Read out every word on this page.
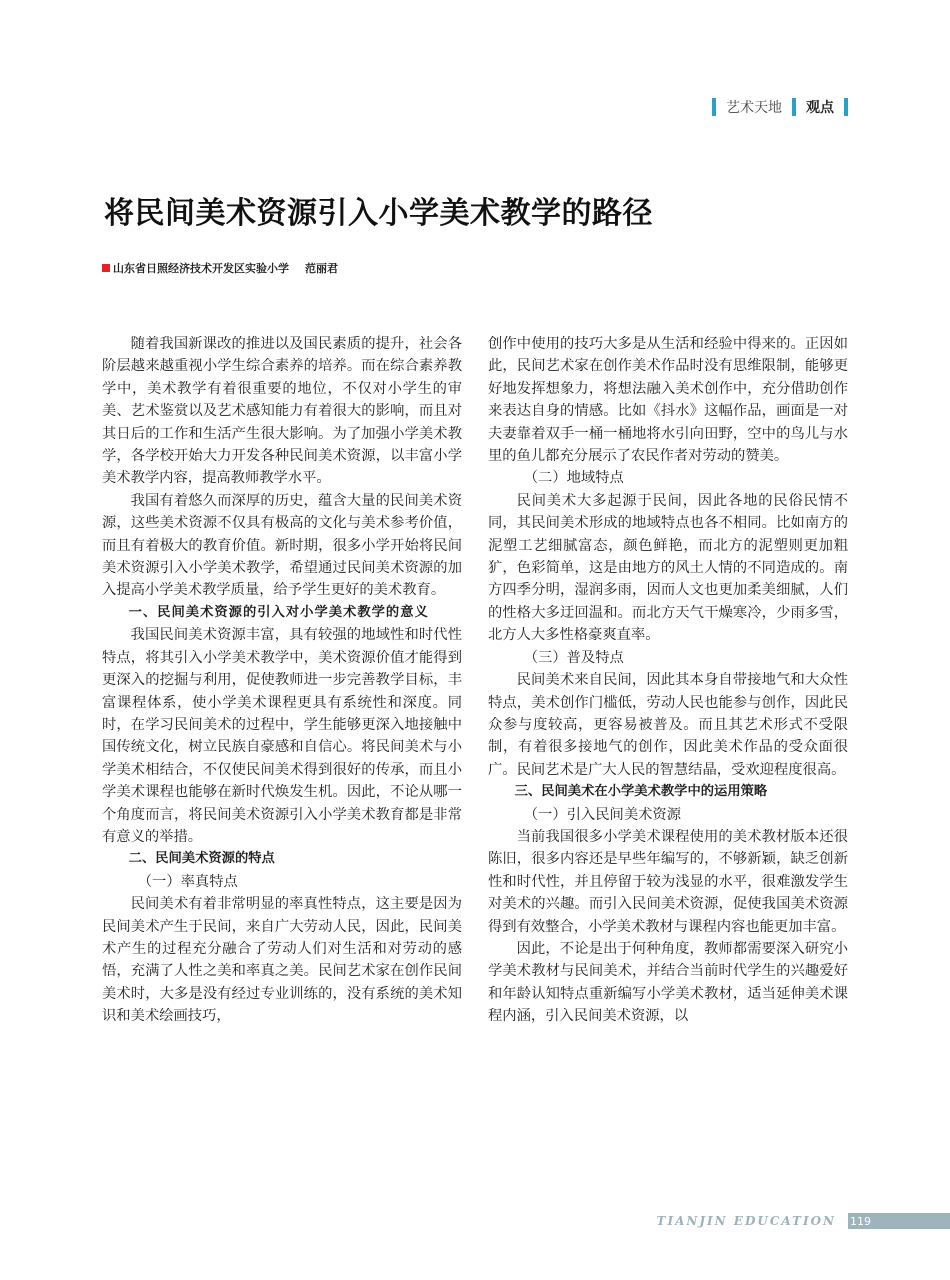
艺术天地 观点
将民间美术资源引入小学美术教学的路径
山东省日照经济技术开发区实验小学 范丽君

随着我国新课改的推进以及国民素质的提升，社会各阶层越来越重视小学生综合素养的培养。而在综合素养教学中，美术教学有着很重要的地位，不仅对小学生的审美、艺术鉴赏以及艺术感知能力有着很大的影响，而且对其日后的工作和生活产生很大影响。为了加强小学美术教学，各学校开始大力开发各种民间美术资源，以丰富小学美术教学内容，提高教师教学水平。

我国有着悠久而深厚的历史，蕴含大量的民间美术资源，这些美术资源不仅具有极高的文化与美术参考价值，而且有着极大的教育价值。新时期，很多小学开始将民间美术资源引入小学美术教学，希望通过民间美术资源的加入提高小学美术教学质量，给予学生更好的美术教育。

一、民间美术资源的引入对小学美术教学的意义

我国民间美术资源丰富，具有较强的地域性和时代性特点，将其引入小学美术教学中，美术资源价值才能得到更深入的挖掘与利用，促使教师进一步完善教学目标，丰富课程体系，使小学美术课程更具有系统性和深度。同时，在学习民间美术的过程中，学生能够更深入地接触中国传统文化，树立民族自豪感和自信心。将民间美术与小学美术相结合，不仅使民间美术得到很好的传承，而且小学美术课程也能够在新时代焕发生机。因此，不论从哪一个角度而言，将民间美术资源引入小学美术教育都是非常有意义的举措。

二、民间美术资源的特点

（一）率真特点

民间美术有着非常明显的率真性特点，这主要是因为民间美术产生于民间，来自广大劳动人民，因此，民间美术产生的过程充分融合了劳动人们对生活和对劳动的感悟，充满了人性之美和率真之美。民间艺术家在创作民间美术时，大多是没有经过专业训练的，没有系统的美术知识和美术绘画技巧，

创作中使用的技巧大多是从生活和经验中得来的。正因如此，民间艺术家在创作美术作品时没有思维限制，能够更好地发挥想象力，将想法融入美术创作中，充分借助创作来表达自身的情感。比如《抖水》这幅作品，画面是一对夫妻靠着双手一桶一桶地将水引向田野，空中的鸟儿与水里的鱼儿都充分展示了农民作者对劳动的赞美。

（二）地域特点

民间美术大多起源于民间，因此各地的民俗民情不同，其民间美术形成的地域特点也各不相同。比如南方的泥塑工艺细腻富态，颜色鲜艳，而北方的泥塑则更加粗犷，色彩简单，这是由地方的风土人情的不同造成的。南方四季分明，湿润多雨，因而人文也更加柔美细腻，人们的性格大多迂回温和。而北方天气干燥寒冷，少雨多雪，北方人大多性格豪爽直率。

（三）普及特点

民间美术来自民间，因此其本身自带接地气和大众性特点，美术创作门槛低，劳动人民也能参与创作，因此民众参与度较高，更容易被普及。而且其艺术形式不受限制，有着很多接地气的创作，因此美术作品的受众面很广。民间艺术是广大人民的智慧结晶，受欢迎程度很高。

三、民间美术在小学美术教学中的运用策略

（一）引入民间美术资源

当前我国很多小学美术课程使用的美术教材版本还很陈旧，很多内容还是早些年编写的，不够新颖，缺乏创新性和时代性，并且停留于较为浅显的水平，很难激发学生对美术的兴趣。而引入民间美术资源，促使我国美术资源得到有效整合，小学美术教材与课程内容也能更加丰富。

因此，不论是出于何种角度，教师都需要深入研究小学美术教材与民间美术，并结合当前时代学生的兴趣爱好和年龄认知特点重新编写小学美术教材，适当延伸美术课程内涵，引入民间美术资源，以

TIANJIN EDUCATION 119
